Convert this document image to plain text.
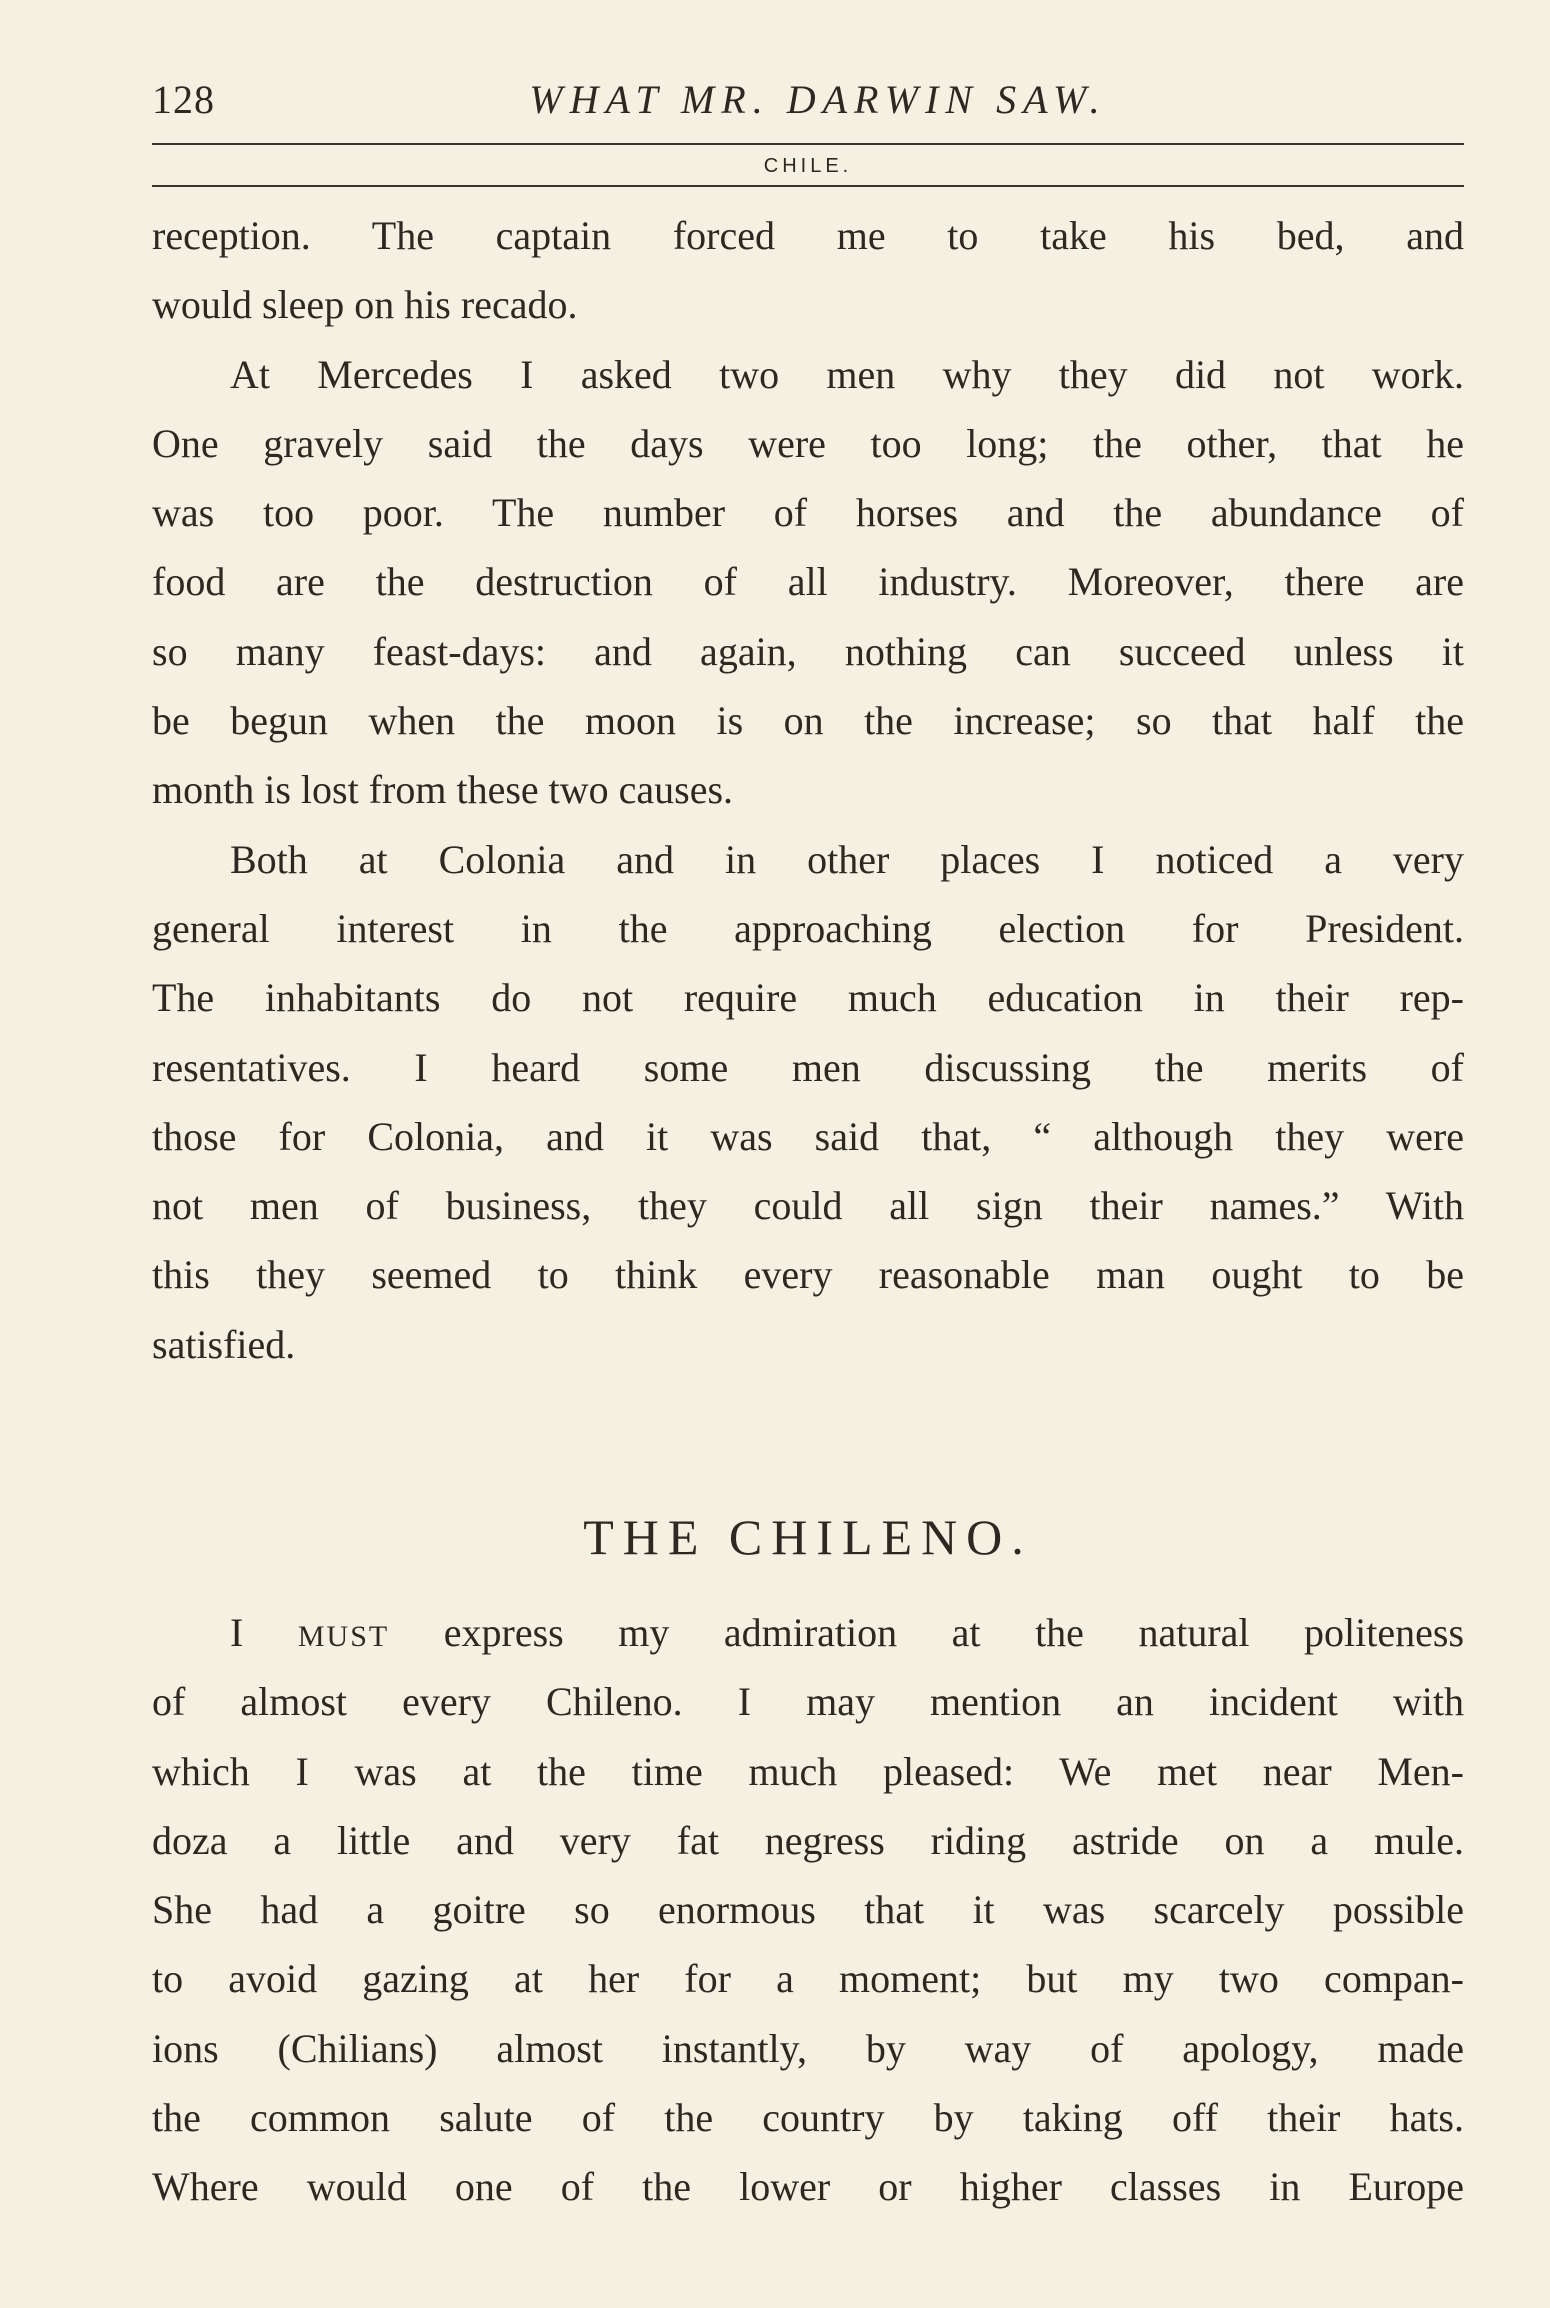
128	WHAT MR. DARWIN SAW.
CHILE.
reception. The captain forced me to take his bed, and
would sleep on his recado.
At Mercedes I asked two men why they did not work.
One gravely said the days were too long; the other, that he
was too poor. The number of horses and the abundance of
food are the destruction of all industry. Moreover, there are
so many feast-days: and again, nothing can succeed unless it
be begun when the moon is on the increase; so that half the
month is lost from these two causes.
Both at Colonia and in other places I noticed a very
general interest in the approaching election for President.
The inhabitants do not require much education in their rep-
resentatives. I heard some men discussing the merits of
those for Colonia, and it was said that, “ although they were
not men of business, they could all sign their names.” With
this they seemed to think every reasonable man ought to be
satisfied.
THE CHILENO.
I MUST express my admiration at the natural politeness
of almost every Chileno. I may mention an incident with
which I was at the time much pleased: We met near Men-
doza a little and very fat negress riding astride on a mule.
She had a goitre so enormous that it was scarcely possible
to avoid gazing at her for a moment; but my two compan-
ions (Chilians) almost instantly, by way of apology, made
the common salute of the country by taking off their hats.
Where would one of the lower or higher classes in Europe
